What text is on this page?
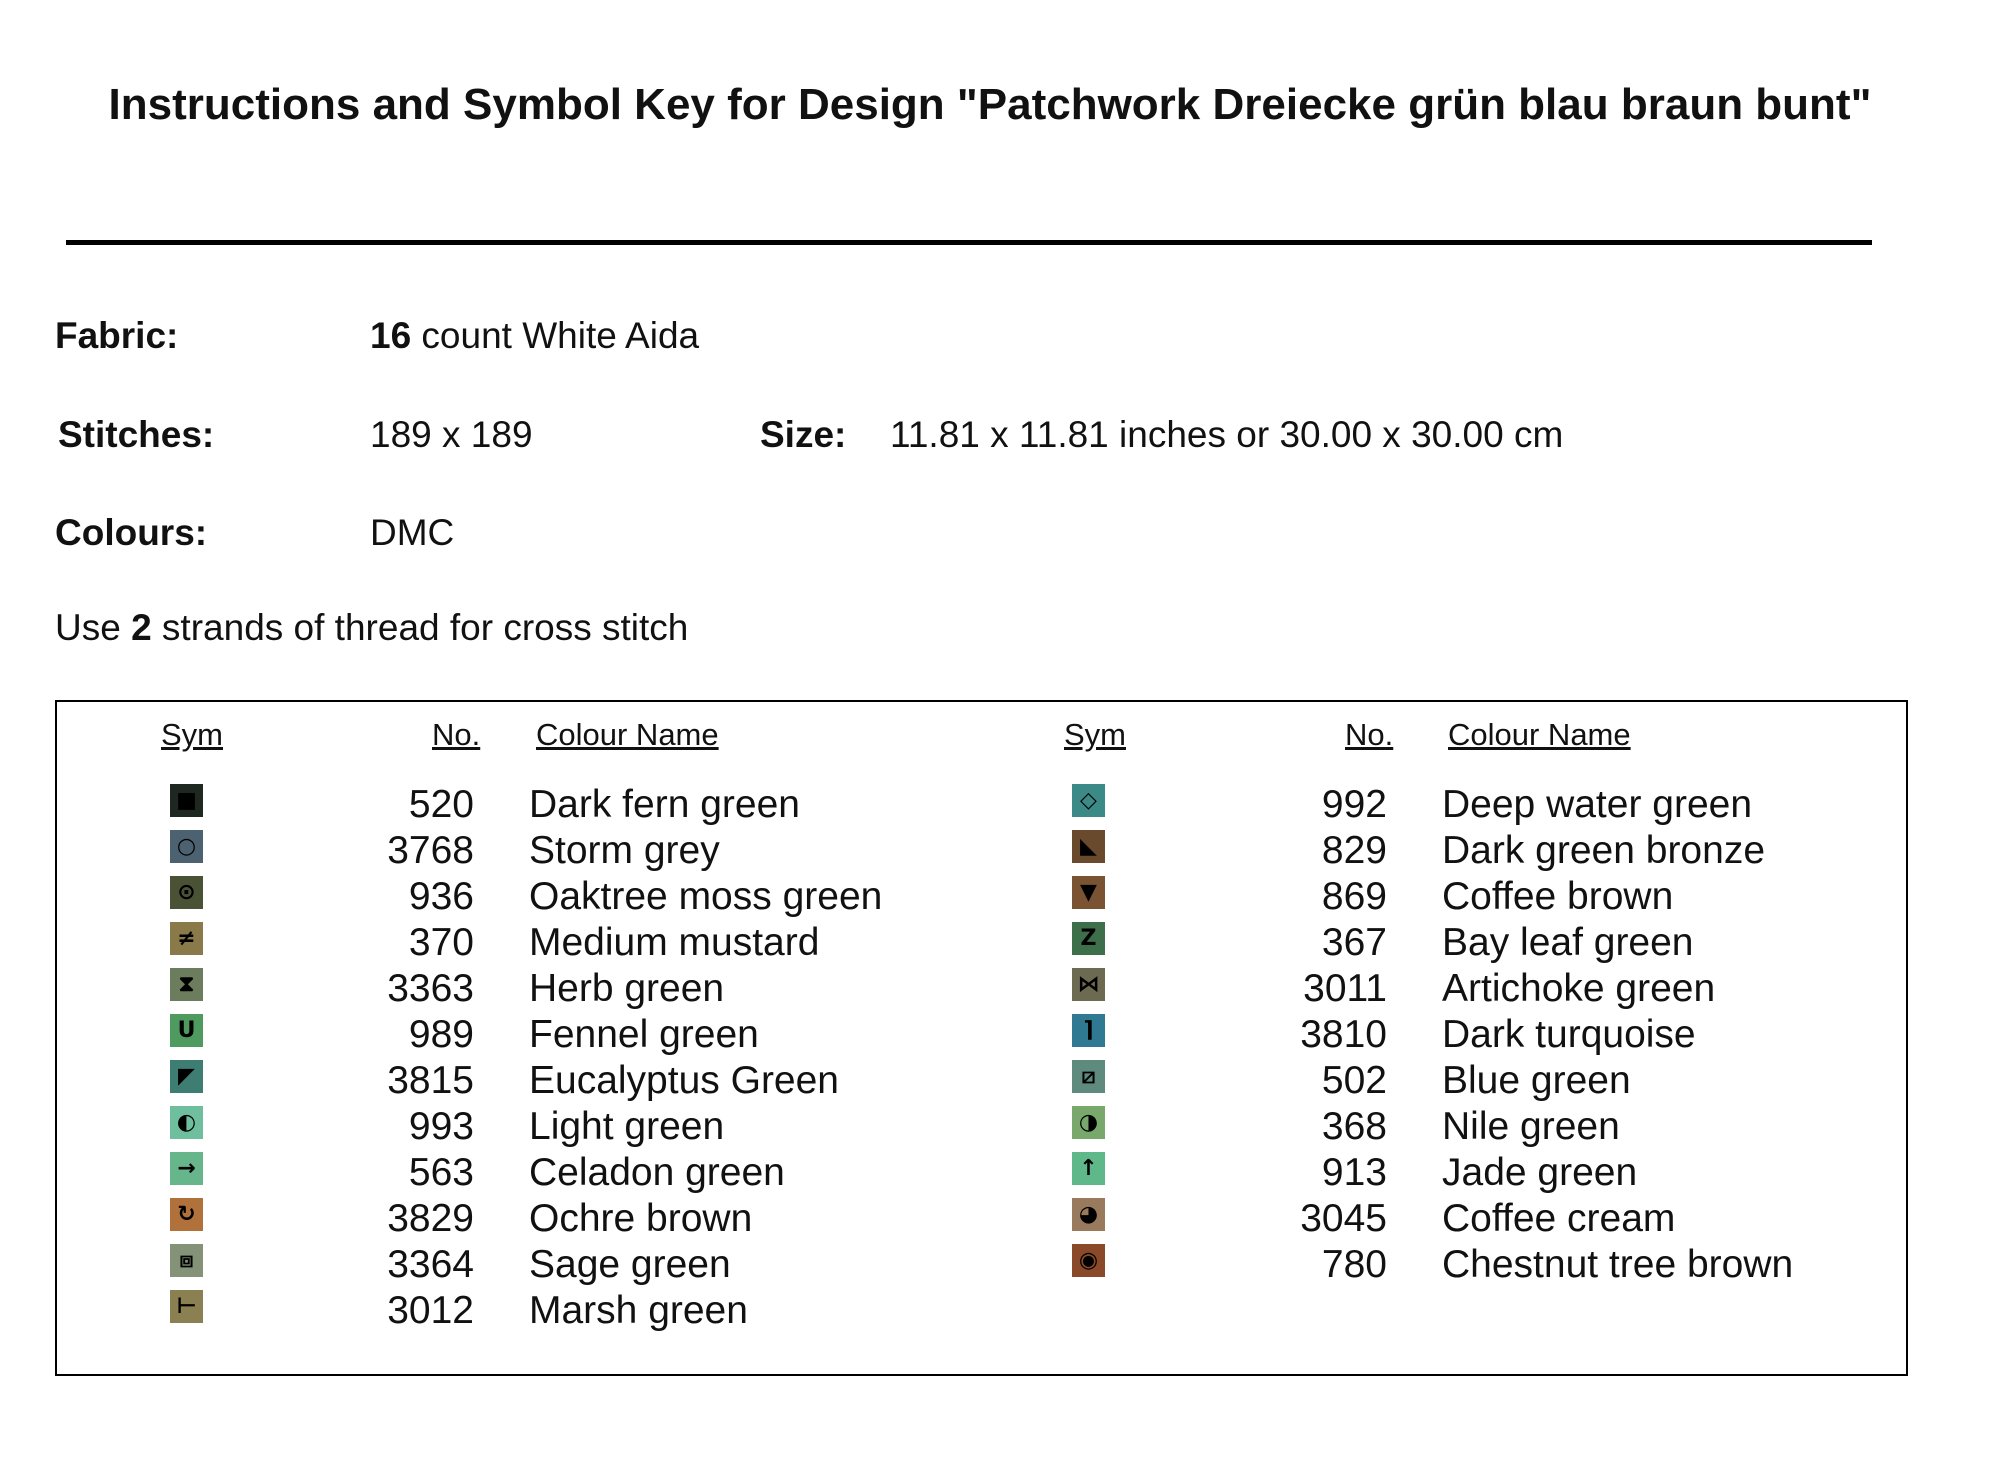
Instructions and Symbol Key for Design "Patchwork Dreiecke grün blau braun bunt"
Fabric:	16 count White Aida
Stitches:	189 x 189	Size: 11.81 x 11.81 inches or 30.00 x 30.00 cm
Colours:	DMC
Use 2 strands of thread for cross stitch
Sym	No. Colour Name	Sym	No. Colour Name
■	520 Dark fern green
○	3768 Storm grey
⊙	936 Oaktree moss green
≠	370 Medium mustard
⧗	3363 Herb green
U	989 Fennel green
◤	3815 Eucalyptus Green
◐	993 Light green
→	563 Celadon green
↻	3829 Ochre brown
⧈	3364 Sage green
⊢	3012 Marsh green
◇	992 Deep water green
◣	829 Dark green bronze
▼	869 Coffee brown
Z	367 Bay leaf green
⋈	3011 Artichoke green
⌉	3810 Dark turquoise
⧄	502 Blue green
◑	368 Nile green
↑	913 Jade green
◕	3045 Coffee cream
◉	780 Chestnut tree brown
